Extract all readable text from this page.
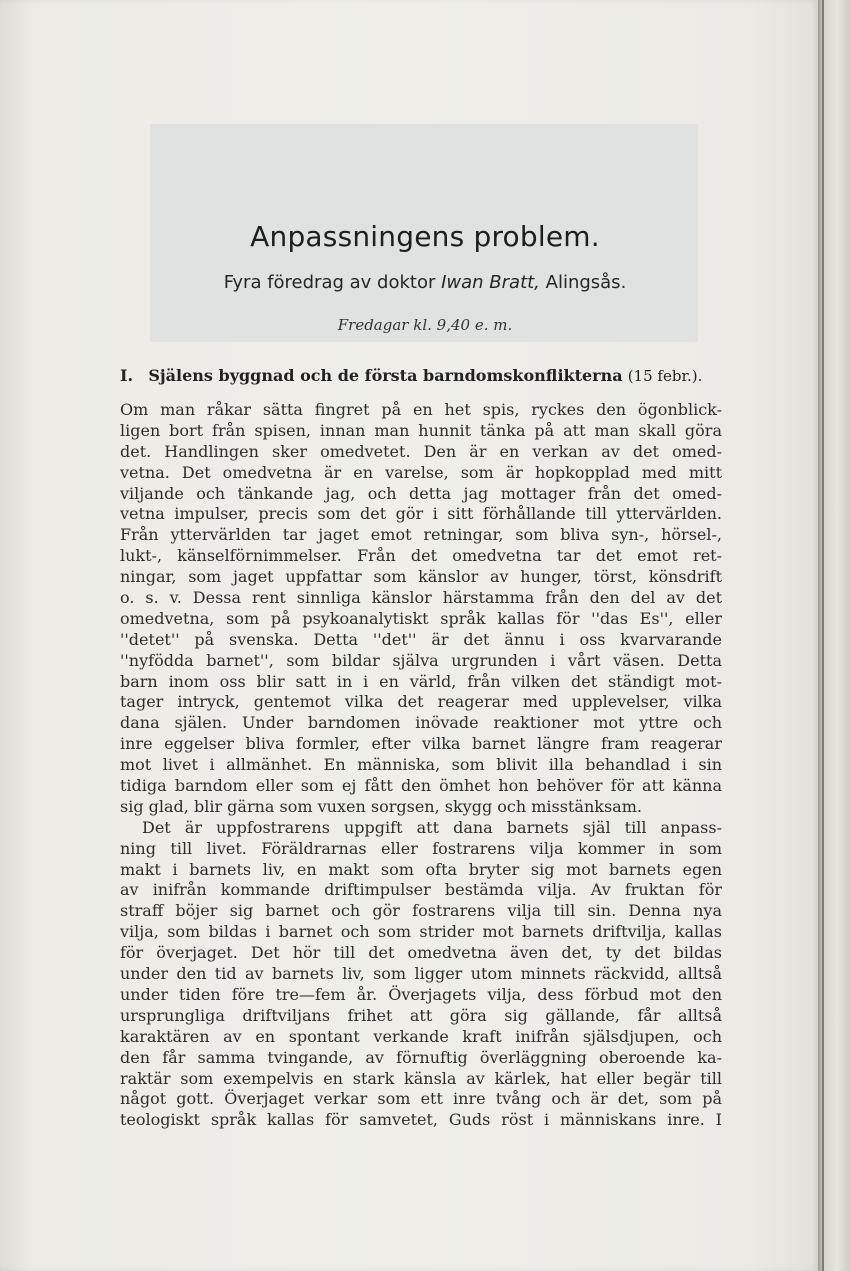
Anpassningens problem.
Fyra föredrag av doktor Iwan Bratt, Alingsås.
Fredagar kl. 9,40 e. m.
I. Själens byggnad och de första barndomskonflikterna (15 febr.).
Om man råkar sätta fingret på en het spis, ryckes den ögonblick-
ligen bort från spisen, innan man hunnit tänka på att man skall göra
det. Handlingen sker omedvetet. Den är en verkan av det omed-
vetna. Det omedvetna är en varelse, som är hopkopplad med mitt
viljande och tänkande jag, och detta jag mottager från det omed-
vetna impulser, precis som det gör i sitt förhållande till yttervärlden.
Från yttervärlden tar jaget emot retningar, som bliva syn-, hörsel-,
lukt-, känselförnimmelser. Från det omedvetna tar det emot ret-
ningar, som jaget uppfattar som känslor av hunger, törst, könsdrift
o. s. v. Dessa rent sinnliga känslor härstamma från den del av det
omedvetna, som på psykoanalytiskt språk kallas för ''das Es'', eller
''detet'' på svenska. Detta ''det'' är det ännu i oss kvarvarande
''nyfödda barnet'', som bildar själva urgrunden i vårt väsen. Detta
barn inom oss blir satt in i en värld, från vilken det ständigt mot-
tager intryck, gentemot vilka det reagerar med upplevelser, vilka
dana själen. Under barndomen inövade reaktioner mot yttre och
inre eggelser bliva formler, efter vilka barnet längre fram reagerar
mot livet i allmänhet. En människa, som blivit illa behandlad i sin
tidiga barndom eller som ej fått den ömhet hon behöver för att känna
sig glad, blir gärna som vuxen sorgsen, skygg och misstänksam.
Det är uppfostrarens uppgift att dana barnets själ till anpass-
ning till livet. Föräldrarnas eller fostrarens vilja kommer in som
makt i barnets liv, en makt som ofta bryter sig mot barnets egen
av inifrån kommande driftimpulser bestämda vilja. Av fruktan för
straff böjer sig barnet och gör fostrarens vilja till sin. Denna nya
vilja, som bildas i barnet och som strider mot barnets driftvilja, kallas
för överjaget. Det hör till det omedvetna även det, ty det bildas
under den tid av barnets liv, som ligger utom minnets räckvidd, alltså
under tiden före tre—fem år. Överjagets vilja, dess förbud mot den
ursprungliga driftviljans frihet att göra sig gällande, får alltså
karaktären av en spontant verkande kraft inifrån själsdjupen, och
den får samma tvingande, av förnuftig överläggning oberoende ka-
raktär som exempelvis en stark känsla av kärlek, hat eller begär till
något gott. Överjaget verkar som ett inre tvång och är det, som på
teologiskt språk kallas för samvetet, Guds röst i människans inre. I
